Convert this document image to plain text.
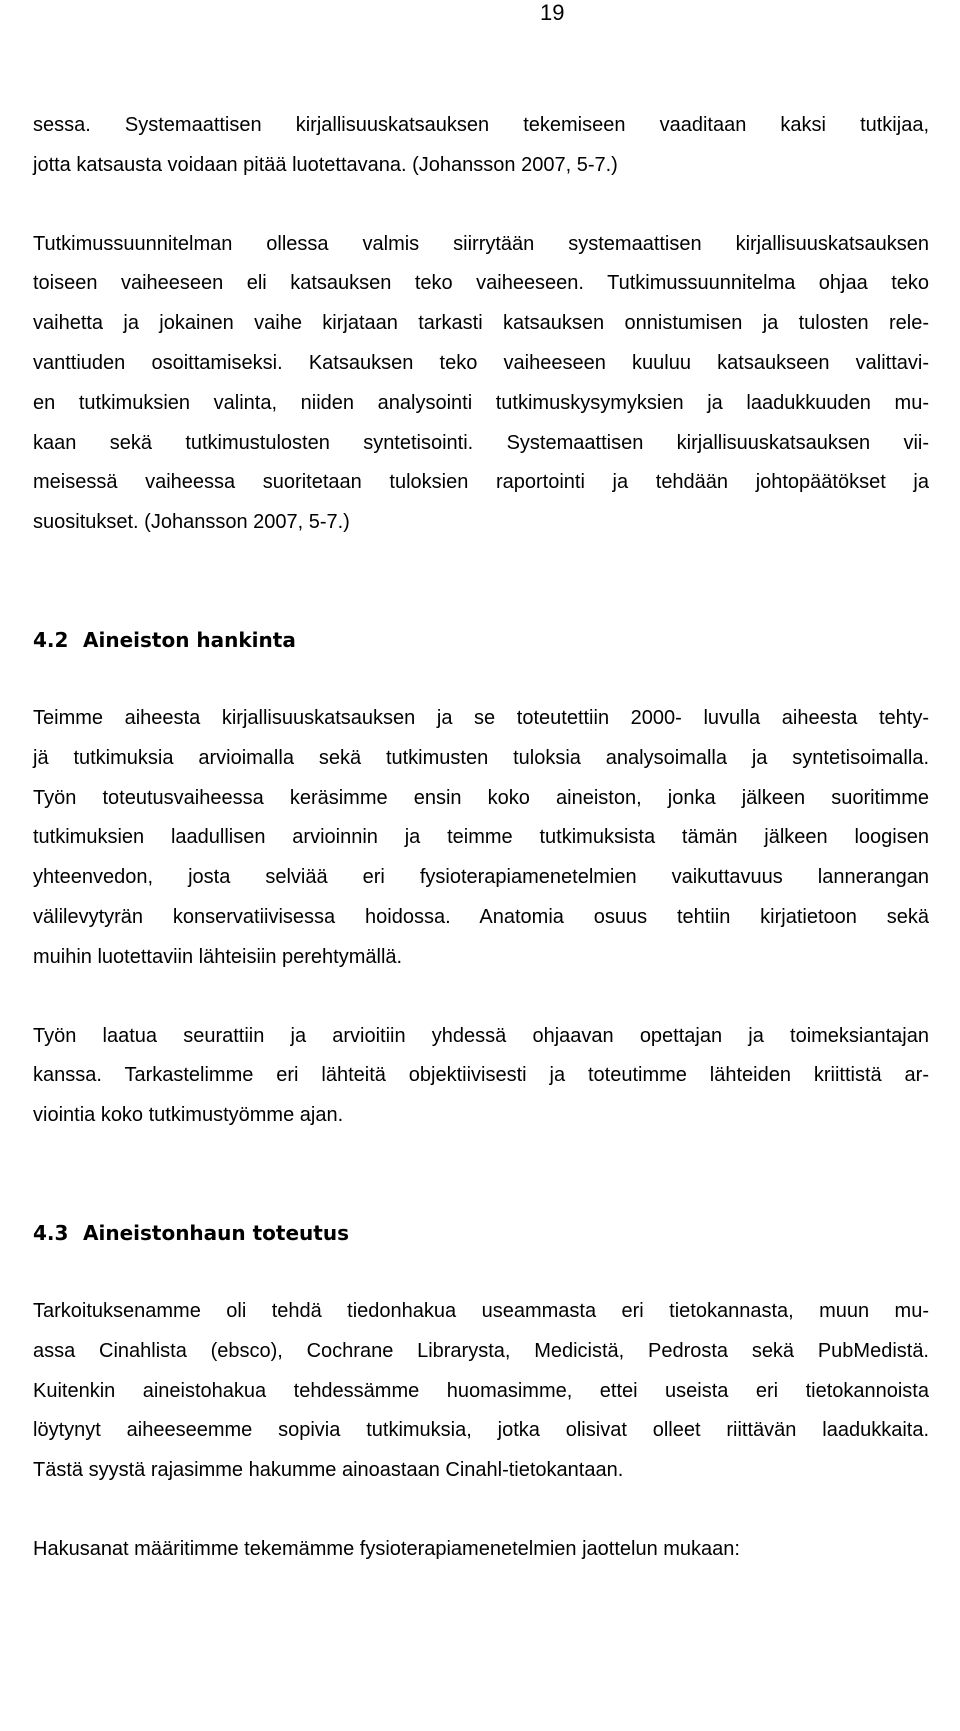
19

sessa. Systemaattisen kirjallisuuskatsauksen tekemiseen vaaditaan kaksi tutkijaa,
jotta katsausta voidaan pitää luotettavana. (Johansson 2007, 5-7.)

Tutkimussuunnitelman ollessa valmis siirrytään systemaattisen kirjallisuuskatsauksen
toiseen vaiheeseen eli katsauksen teko vaiheeseen. Tutkimussuunnitelma ohjaa teko
vaihetta ja jokainen vaihe kirjataan tarkasti katsauksen onnistumisen ja tulosten rele-
vanttiuden osoittamiseksi. Katsauksen teko vaiheeseen kuuluu katsaukseen valittavi-
en tutkimuksien valinta, niiden analysointi tutkimuskysymyksien ja laadukkuuden mu-
kaan sekä tutkimustulosten syntetisointi. Systemaattisen kirjallisuuskatsauksen vii-
meisessä vaiheessa suoritetaan tuloksien raportointi ja tehdään johtopäätökset ja
suositukset. (Johansson 2007, 5-7.)

4.2 Aineiston hankinta

Teimme aiheesta kirjallisuuskatsauksen ja se toteutettiin 2000- luvulla aiheesta tehty-
jä tutkimuksia arvioimalla sekä tutkimusten tuloksia analysoimalla ja syntetisoimalla.
Työn toteutusvaiheessa keräsimme ensin koko aineiston, jonka jälkeen suoritimme
tutkimuksien laadullisen arvioinnin ja teimme tutkimuksista tämän jälkeen loogisen
yhteenvedon, josta selviää eri fysioterapiamenetelmien vaikuttavuus lannerangan
välilevytyrän konservatiivisessa hoidossa. Anatomia osuus tehtiin kirjatietoon sekä
muihin luotettaviin lähteisiin perehtymällä.

Työn laatua seurattiin ja arvioitiin yhdessä ohjaavan opettajan ja toimeksiantajan
kanssa. Tarkastelimme eri lähteitä objektiivisesti ja toteutimme lähteiden kriittistä ar-
viointia koko tutkimustyömme ajan.

4.3 Aineistonhaun toteutus

Tarkoituksenamme oli tehdä tiedonhakua useammasta eri tietokannasta, muun mu-
assa Cinahlista (ebsco), Cochrane Librarysta, Medicistä, Pedrosta sekä PubMedistä.
Kuitenkin aineistohakua tehdessämme huomasimme, ettei useista eri tietokannoista
löytynyt aiheeseemme sopivia tutkimuksia, jotka olisivat olleet riittävän laadukkaita.
Tästä syystä rajasimme hakumme ainoastaan Cinahl-tietokantaan.

Hakusanat määritimme tekemämme fysioterapiamenetelmien jaottelun mukaan:
